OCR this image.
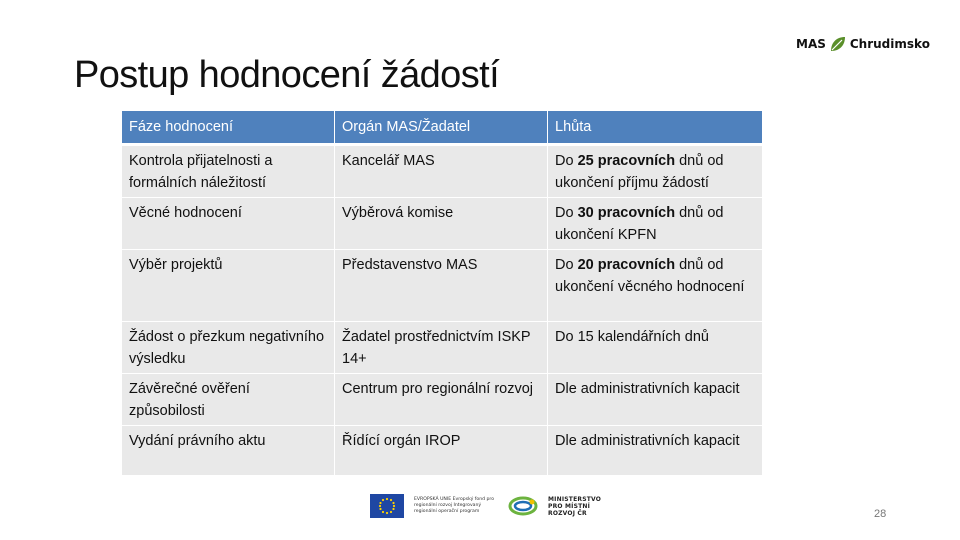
MAS Chrudimsko
Postup hodnocení žádostí
Fáze hodnocení	Orgán MAS/Žadatel	Lhůta
Kontrola přijatelnosti a formálních náležitostí	Kancelář MAS	Do 25 pracovních dnů od ukončení příjmu žádostí
Věcné hodnocení	Výběrová komise	Do 30 pracovních dnů od ukončení KPFN
Výběr projektů	Představenstvo MAS	Do 20 pracovních dnů od ukončení věcného hodnocení
Žádost o přezkum negativního výsledku	Žadatel prostřednictvím ISKP 14+	Do 15 kalendářních dnů
Závěrečné ověření způsobilosti	Centrum pro regionální rozvoj	Dle administrativních kapacit
Vydání právního aktu	Řídící orgán IROP	Dle administrativních kapacit
EVROPSKÁ UNIE Evropský fond pro regionální rozvoj Integrovaný regionální operační program
MINISTERSTVO
PRO MÍSTNÍ
ROZVOJ ČR	28
